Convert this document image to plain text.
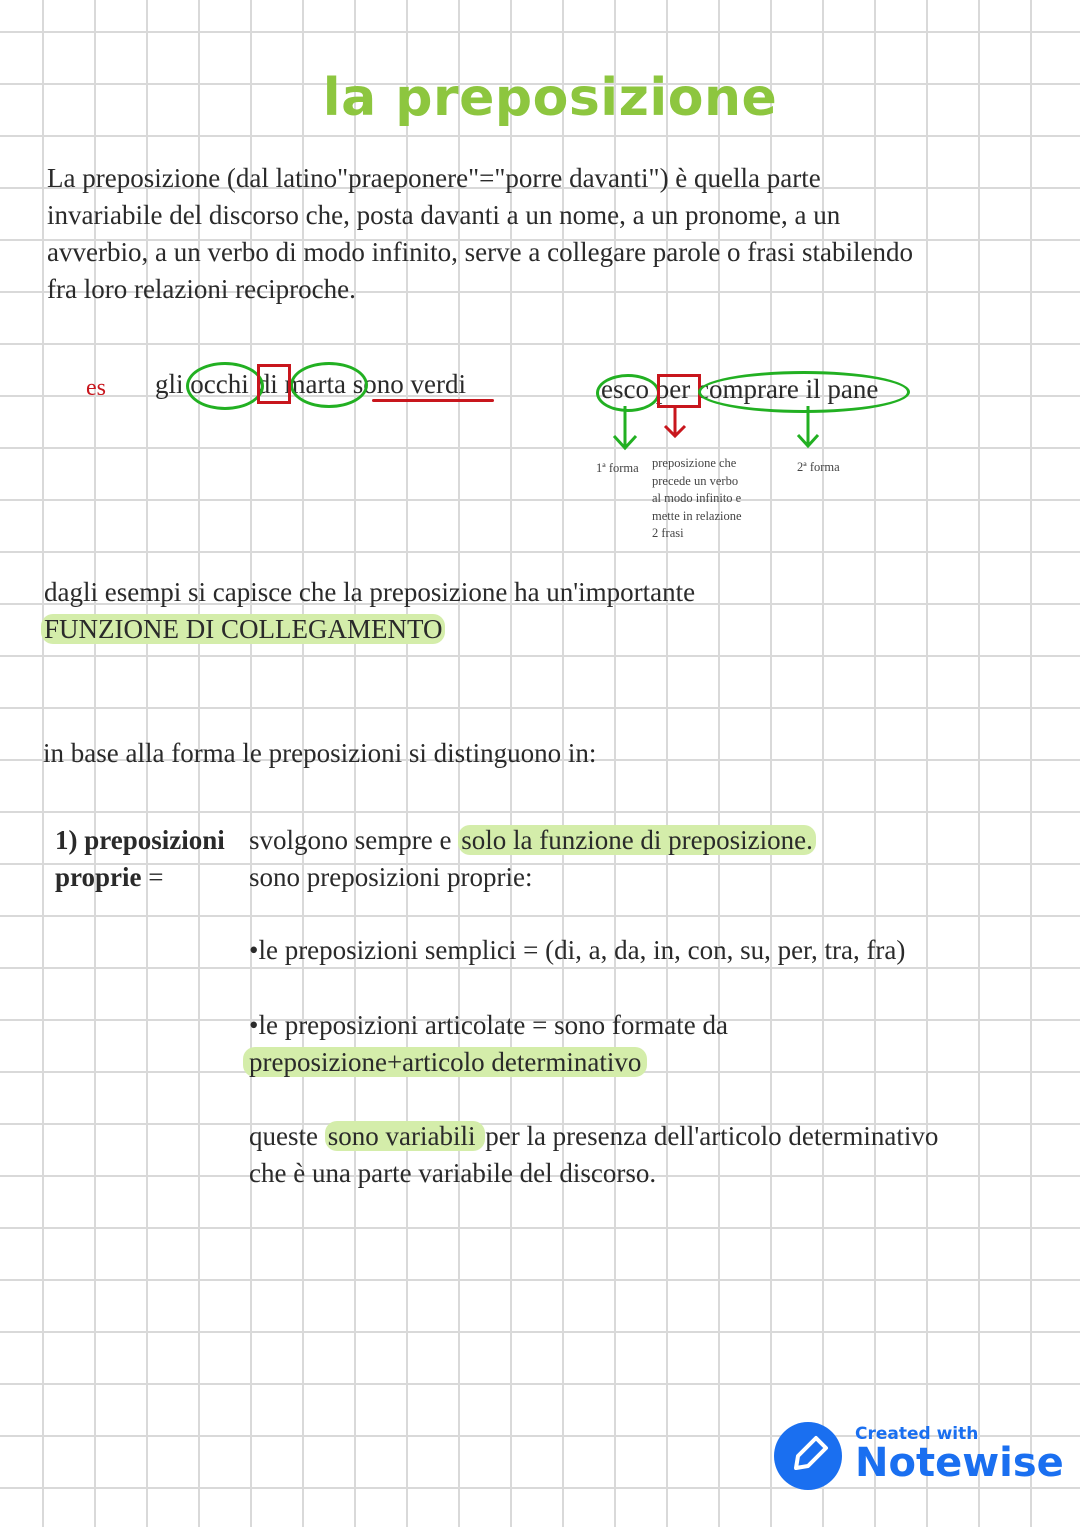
la preposizione
La preposizione (dal latino"praeponere"="porre davanti") è quella parte
invariabile del discorso che, posta davanti a un nome, a un pronome, a un
avverbio, a un verbo di modo infinito, serve a collegare parole o frasi stabilendo
fra loro relazioni reciproche.
es gli occhi di marta sono verdi	esco per comprare il pane
1ª forma preposizione che
precede un verbo
al modo infinito e
mette in relazione
2 frasi
2ª forma
dagli esempi si capisce che la preposizione ha un'importante
FUNZIONE DI COLLEGAMENTO
in base alla forma le preposizioni si distinguono in:
1) preposizioni
proprie =
svolgono sempre e solo la funzione di preposizione.
sono preposizioni proprie:
•le preposizioni semplici = (di, a, da, in, con, su, per, tra, fra)
•le preposizioni articolate = sono formate da
preposizione+articolo determinativo
queste sono variabili per la presenza dell'articolo determinativo
che è una parte variabile del discorso.
Created with
Notewise
